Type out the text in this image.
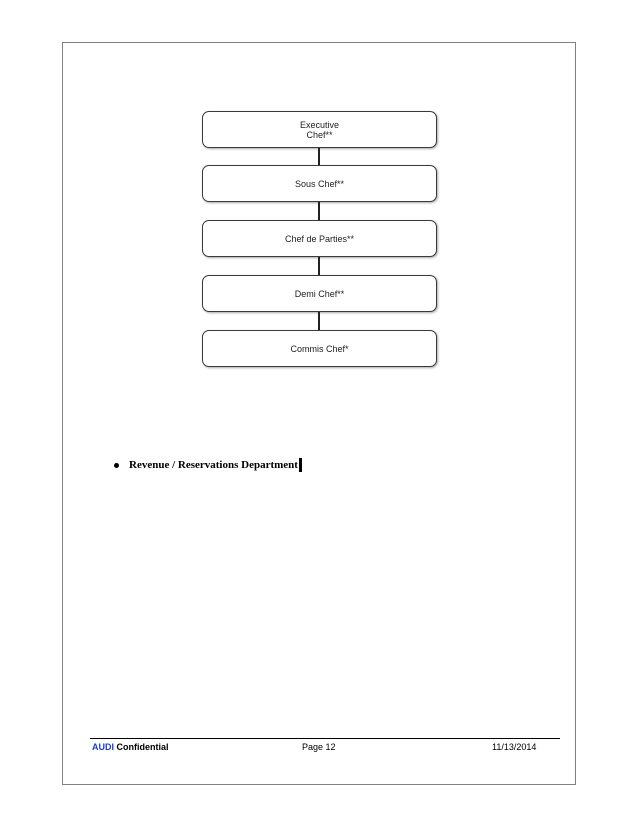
Executive
Chef**
Sous Chef**
Chef de Parties**
Demi Chef**
Commis Chef*
Revenue / Reservations Department
AUDI Confidential	Page 12	11/13/2014
